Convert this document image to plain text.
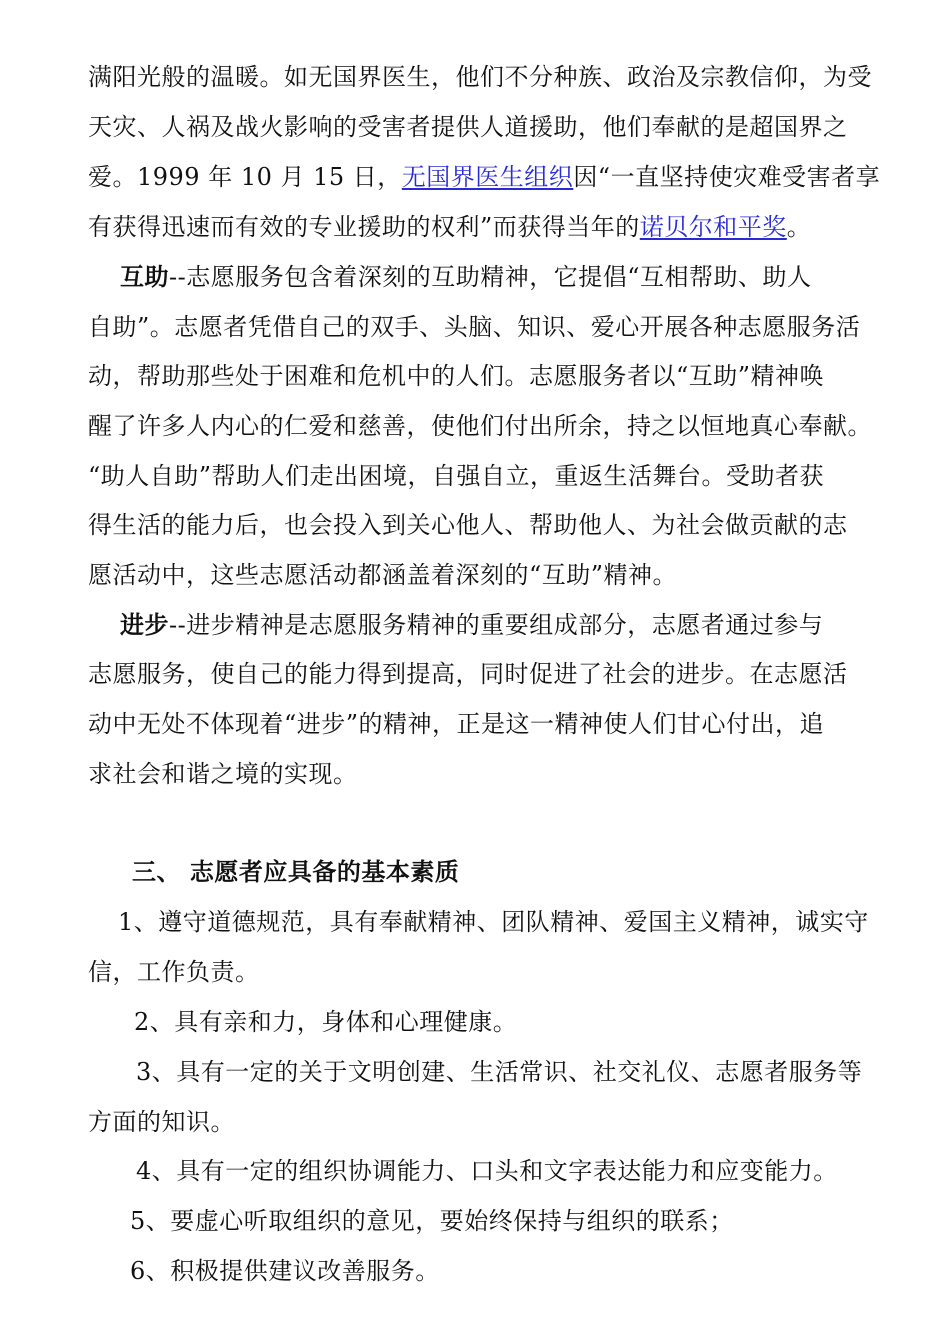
满阳光般的温暖。如无国界医生，他们不分种族、政治及宗教信仰，为受
天灾、人祸及战火影响的受害者提供人道援助，他们奉献的是超国界之
爱。1999 年 10 月 15 日，无国界医生组织因“一直坚持使灾难受害者享
有获得迅速而有效的专业援助的权利”而获得当年的诺贝尔和平奖。
互助--志愿服务包含着深刻的互助精神，它提倡“互相帮助、助人
自助”。志愿者凭借自己的双手、头脑、知识、爱心开展各种志愿服务活
动，帮助那些处于困难和危机中的人们。志愿服务者以“互助”精神唤
醒了许多人内心的仁爱和慈善，使他们付出所余，持之以恒地真心奉献。
“助人自助”帮助人们走出困境，自强自立，重返生活舞台。受助者获
得生活的能力后，也会投入到关心他人、帮助他人、为社会做贡献的志
愿活动中，这些志愿活动都涵盖着深刻的“互助”精神。
进步--进步精神是志愿服务精神的重要组成部分，志愿者通过参与
志愿服务，使自己的能力得到提高，同时促进了社会的进步。在志愿活
动中无处不体现着“进步”的精神，正是这一精神使人们甘心付出，追
求社会和谐之境的实现。
三、 志愿者应具备的基本素质
1、遵守道德规范，具有奉献精神、团队精神、爱国主义精神，诚实守
信，工作负责。
2、具有亲和力，身体和心理健康。
3、具有一定的关于文明创建、生活常识、社交礼仪、志愿者服务等
方面的知识。
4、具有一定的组织协调能力、口头和文字表达能力和应变能力。
5、要虚心听取组织的意见，要始终保持与组织的联系；
6、积极提供建议改善服务。
